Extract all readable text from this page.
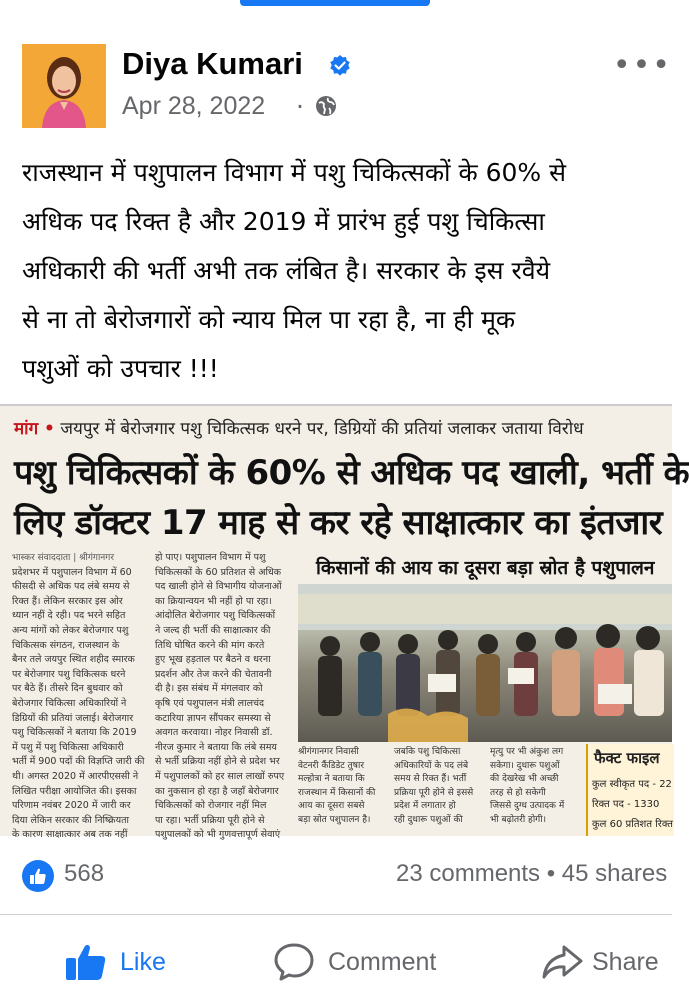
Diya Kumari
Apr 28, 2022 ·
•••
राजस्थान में पशुपालन विभाग में पशु चिकित्सकों के 60% से
अधिक पद रिक्त है और 2019 में प्रारंभ हुई पशु चिकित्सा
अधिकारी की भर्ती अभी तक लंबित है। सरकार के इस रवैये
से ना तो बेरोजगारों को न्याय मिल पा रहा है, ना ही मूक
पशुओं को उपचार !!!
मांग • जयपुर में बेरोजगार पशु चिकित्सक धरने पर, डिग्रियों की प्रतियां जलाकर जताया विरोध
पशु चिकित्सकों के 60% से अधिक पद खाली, भर्ती के
लिए डॉक्टर 17 माह से कर रहे साक्षात्कार का इंतजार
भास्कर संवाददाता | श्रीगंगानगर
प्रदेशभर में पशुपालन विभाग में 60
फीसदी से अधिक पद लंबे समय से
रिक्त हैं। लेकिन सरकार इस ओर
ध्यान नहीं दे रही। पद भरने सहित
अन्य मांगों को लेकर बेरोजगार पशु
चिकित्सक संगठन, राजस्थान के
बैनर तले जयपुर स्थित शहीद स्मारक
पर बेरोजगार पशु चिकित्सक धरने
पर बैठे हैं। तीसरे दिन बुधवार को
बेरोजगार चिकित्सा अधिकारियों ने
डिग्रियों की प्रतियां जलाई। बेरोजगार
पशु चिकित्सकों ने बताया कि 2019
में पशु में पशु चिकित्सा अधिकारी
भर्ती में 900 पदों की विज्ञप्ति जारी की
थी। अगस्त 2020 में आरपीएससी ने
लिखित परीक्षा आयोजित की। इसका
परिणाम नवंबर 2020 में जारी कर
दिया लेकिन सरकार की निष्क्रियता
के कारण साक्षात्कार अब तक नहीं
हो पाए। पशुपालन विभाग में पशु
चिकित्सकों के 60 प्रतिशत से अधिक
पद खाली होने से विभागीय योजनाओं
का क्रियान्वयन भी नहीं हो पा रहा।
आंदोलित बेरोजगार पशु चिकित्सकों
ने जल्द ही भर्ती की साक्षात्कार की
तिथि घोषित करने की मांग करते
हुए भूख हड़ताल पर बैठने व धरना
प्रदर्शन और तेज करने की चेतावनी
दी है। इस संबंध में मंगलवार को
कृषि एवं पशुपालन मंत्री लालचंद
कटारिया ज्ञापन सौंपकर समस्या से
अवगत करवाया। नोहर निवासी डॉ.
नीरज कुमार ने बताया कि लंबे समय
से भर्ती प्रक्रिया नहीं होने से प्रदेश भर
में पशुपालकों को हर साल लाखों रुपए
का नुकसान हो रहा है जहाँ बेरोजगार
चिकित्सकों को रोजगार नहीं मिल
पा रहा। भर्ती प्रक्रिया पूरी होने से
पशुपालकों को भी गुणवत्तापूर्ण सेवाएं
किसानों की आय का दूसरा बड़ा स्रोत है पशुपालन
श्रीगंगानगर निवासी
वेटनरी कैंडिडेट तुषार
मल्होत्रा ने बताया कि
राजस्थान में किसानों की
आय का दूसरा सबसे
बड़ा स्रोत पशुपालन है।
जबकि पशु चिकित्सा
अधिकारियों के पद लंबे
समय से रिक्त हैं। भर्ती
प्रक्रिया पूरी होने से इससे
प्रदेश में लगातार हो
रही दुधारू पशुओं की
मृत्यु पर भी अंकुश लग
सकेगा। दुधारू पशुओं
की देखरेख भी अच्छी
तरह से हो सकेगी
जिससे दुग्ध उत्पादक में
भी बढ़ोतरी होगी।
फैक्ट फाइल
कुल स्वीकृत पद - 22
रिक्त पद - 1330
कुल 60 प्रतिशत रिक्त
568	23 comments • 45 shares
Like	Comment	Share
